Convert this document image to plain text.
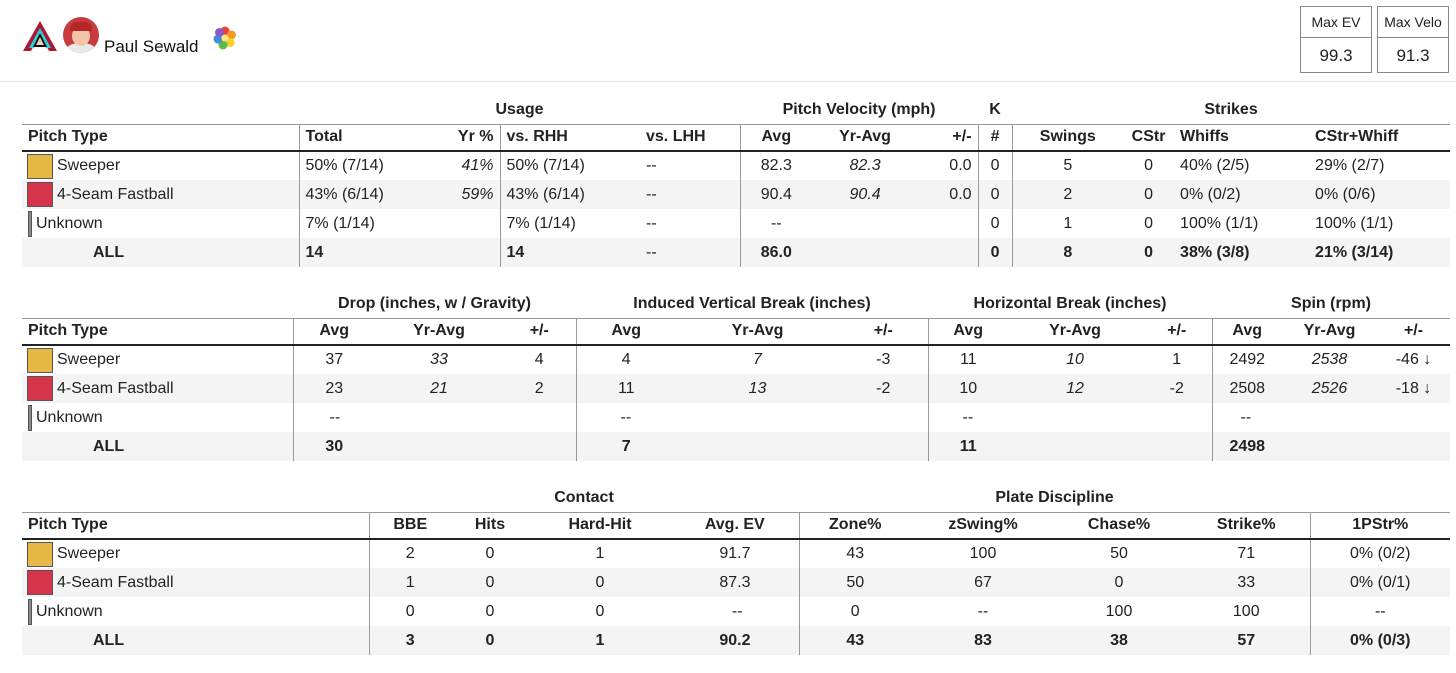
Paul Sewald
Max EV
99.3
Max Velo
91.3
	Usage				Pitch Velocity (mph)			K	Strikes			
Pitch Type	Total	Yr %	vs. RHH	vs. LHH	Avg	Yr-Avg	+/-	#	Swings	CStr	Whiffs	CStr+Whiff
Sweeper	50% (7/14)	41%	50% (7/14)	--	82.3	82.3	0.0	0	5	0	40% (2/5)	29% (2/7)
4-Seam Fastball	43% (6/14)	59%	43% (6/14)	--	90.4	90.4	0.0	0	2	0	0% (0/2)	0% (0/6)
Unknown	7% (1/14)		7% (1/14)	--	--			0	1	0	100% (1/1)	100% (1/1)
ALL	14		14	--	86.0			0	8	0	38% (3/8)	21% (3/14)
	Drop (inches, w / Gravity)			Induced Vertical Break (inches)			Horizontal Break (inches)			Spin (rpm)		
Pitch Type	Avg	Yr-Avg	+/-	Avg	Yr-Avg	+/-	Avg	Yr-Avg	+/-	Avg	Yr-Avg	+/-
Sweeper	37	33	4	4	7	-3	11	10	1	2492	2538	-46 ↓
4-Seam Fastball	23	21	2	11	13	-2	10	12	-2	2508	2526	-18 ↓
Unknown	--			--			--			--		
ALL	30			7			11			2498		
	Contact				Plate Discipline				
Pitch Type	BBE	Hits	Hard-Hit	Avg. EV	Zone%	zSwing%	Chase%	Strike%	1PStr%
Sweeper	2	0	1	91.7	43	100	50	71	0% (0/2)
4-Seam Fastball	1	0	0	87.3	50	67	0	33	0% (0/1)
Unknown	0	0	0	--	0	--	100	100	--
ALL	3	0	1	90.2	43	83	38	57	0% (0/3)
